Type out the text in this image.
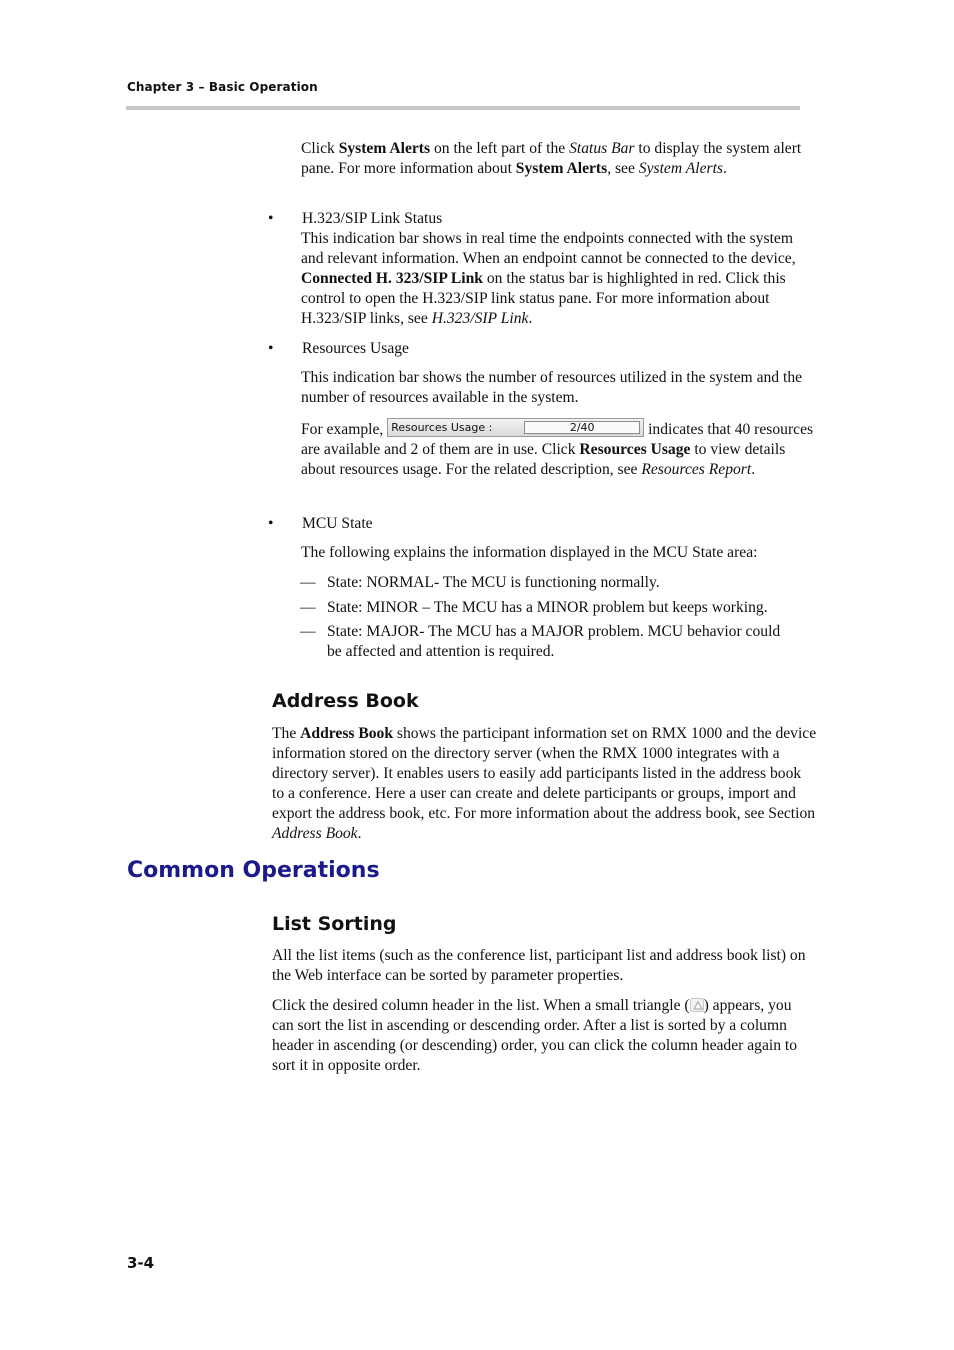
Chapter 3 – Basic Operation

Click System Alerts on the left part of the Status Bar to display the system alert pane. For more information about System Alerts, see System Alerts.

• H.323/SIP Link Status

This indication bar shows in real time the endpoints connected with the system and relevant information. When an endpoint cannot be connected to the device, Connected H. 323/SIP Link on the status bar is highlighted in red. Click this control to open the H.323/SIP link status pane. For more information about H.323/SIP links, see H.323/SIP Link.

• Resources Usage

This indication bar shows the number of resources utilized in the system and the number of resources available in the system.

For example, Resources Usage :	2/40	indicates that 40 resources are available and 2 of them are in use. Click Resources Usage to view details about resources usage. For the related description, see Resources Report.

• MCU State

The following explains the information displayed in the MCU State area:

— State: NORMAL- The MCU is functioning normally.
— State: MINOR – The MCU has a MINOR problem but keeps working.
— State: MAJOR- The MCU has a MAJOR problem. MCU behavior could be affected and attention is required.
Address Book

The Address Book shows the participant information set on RMX 1000 and the device information stored on the directory server (when the RMX 1000 integrates with a directory server). It enables users to easily add participants listed in the address book to a conference. Here a user can create and delete participants or groups, import and export the address book, etc. For more information about the address book, see Section Address Book.

Common Operations
List Sorting

All the list items (such as the conference list, participant list and address book list) on the Web interface can be sorted by parameter properties.

Click the desired column header in the list. When a small triangle ( ) appears, you can sort the list in ascending or descending order. After a list is sorted by a column header in ascending (or descending) order, you can click the column header again to sort it in opposite order.

3-4
